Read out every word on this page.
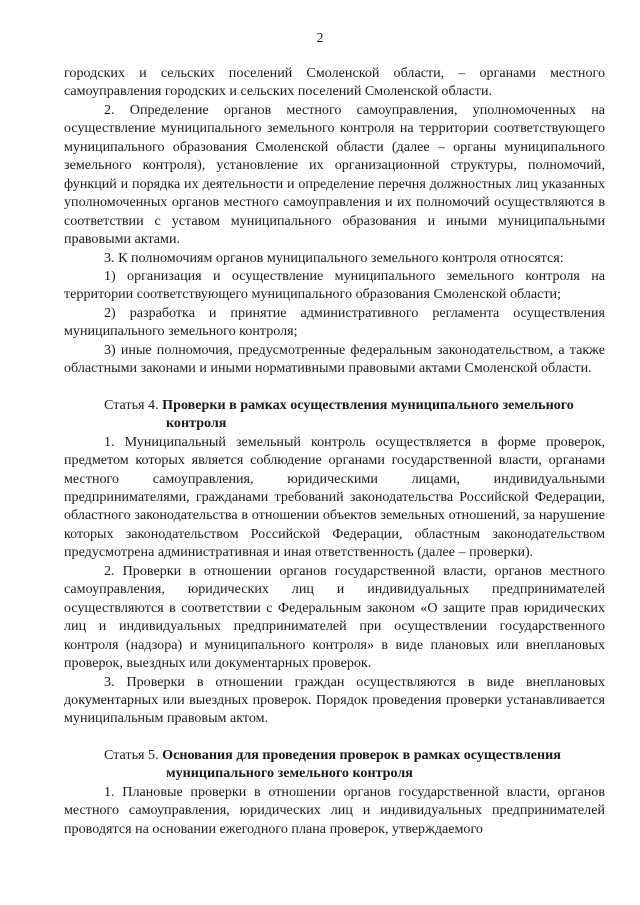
2

городских и сельских поселений Смоленской области, – органами местного самоуправления городских и сельских поселений Смоленской области.

2. Определение органов местного самоуправления, уполномоченных на осуществление муниципального земельного контроля на территории соответствующего муниципального образования Смоленской области (далее – органы муниципального земельного контроля), установление их организационной структуры, полномочий, функций и порядка их деятельности и определение перечня должностных лиц указанных уполномоченных органов местного самоуправления и их полномочий осуществляются в соответствии с уставом муниципального образования и иными муниципальными правовыми актами.

3. К полномочиям органов муниципального земельного контроля относятся:

1) организация и осуществление муниципального земельного контроля на территории соответствующего муниципального образования Смоленской области;

2) разработка и принятие административного регламента осуществления муниципального земельного контроля;

3) иные полномочия, предусмотренные федеральным законодательством, а также областными законами и иными нормативными правовыми актами Смоленской области.

Статья 4. Проверки в рамках осуществления муниципального земельного
контроля

1. Муниципальный земельный контроль осуществляется в форме проверок, предметом которых является соблюдение органами государственной власти, органами местного самоуправления, юридическими лицами, индивидуальными предпринимателями, гражданами требований законодательства Российской Федерации, областного законодательства в отношении объектов земельных отношений, за нарушение которых законодательством Российской Федерации, областным законодательством предусмотрена административная и иная ответственность (далее – проверки).

2. Проверки в отношении органов государственной власти, органов местного самоуправления, юридических лиц и индивидуальных предпринимателей осуществляются в соответствии с Федеральным законом «О защите прав юридических лиц и индивидуальных предпринимателей при осуществлении государственного контроля (надзора) и муниципального контроля» в виде плановых или внеплановых проверок, выездных или документарных проверок.

3. Проверки в отношении граждан осуществляются в виде внеплановых документарных или выездных проверок. Порядок проведения проверки устанавливается муниципальным правовым актом.

Статья 5. Основания для проведения проверок в рамках осуществления
муниципального земельного контроля

1. Плановые проверки в отношении органов государственной власти, органов местного самоуправления, юридических лиц и индивидуальных предпринимателей проводятся на основании ежегодного плана проверок, утверждаемого
